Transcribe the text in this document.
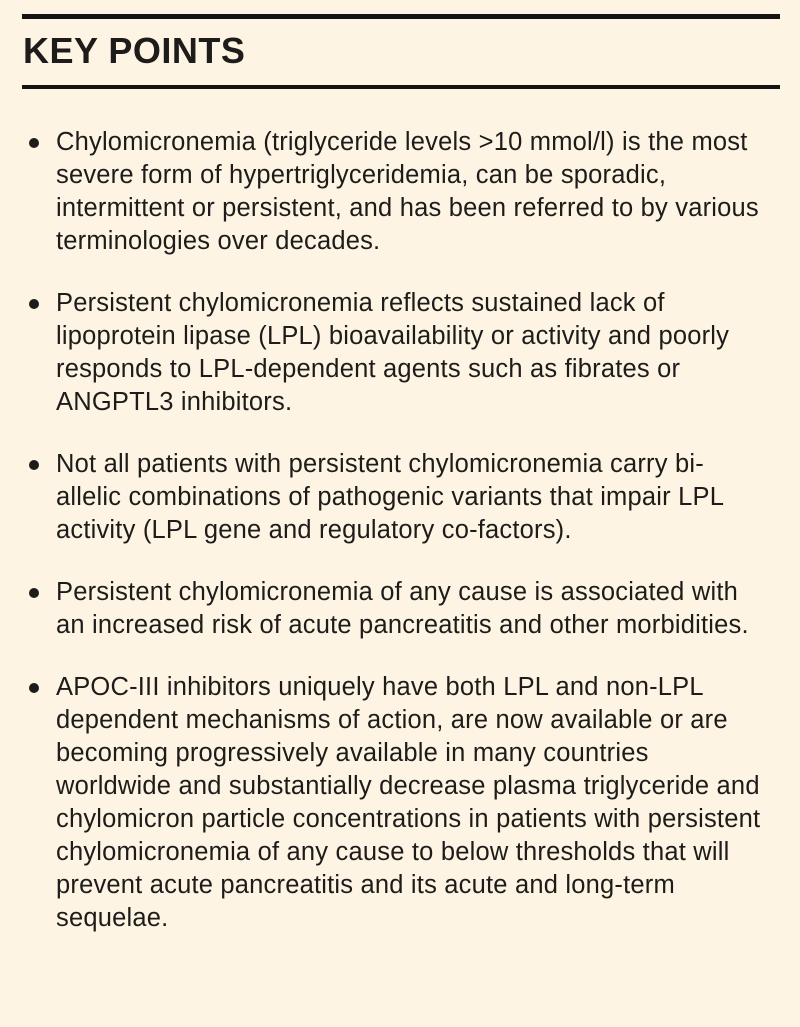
KEY POINTS
Chylomicronemia (triglyceride levels >10 mmol/l) is the most severe form of hypertriglyceridemia, can be sporadic, intermittent or persistent, and has been referred to by various terminologies over decades.
Persistent chylomicronemia reflects sustained lack of lipoprotein lipase (LPL) bioavailability or activity and poorly responds to LPL-dependent agents such as fibrates or ANGPTL3 inhibitors.
Not all patients with persistent chylomicronemia carry bi-allelic combinations of pathogenic variants that impair LPL activity (LPL gene and regulatory co-factors).
Persistent chylomicronemia of any cause is associated with an increased risk of acute pancreatitis and other morbidities.
APOC-III inhibitors uniquely have both LPL and non-LPL dependent mechanisms of action, are now available or are becoming progressively available in many countries worldwide and substantially decrease plasma triglyceride and chylomicron particle concentrations in patients with persistent chylomicronemia of any cause to below thresholds that will prevent acute pancreatitis and its acute and long-term sequelae.
